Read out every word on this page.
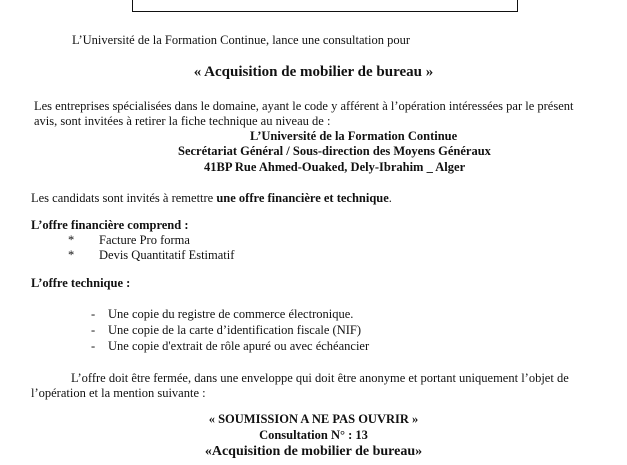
L’Université de la Formation Continue, lance une consultation pour
« Acquisition de mobilier de bureau »
Les entreprises spécialisées dans le domaine, ayant le code y afférent à l’opération intéressées par le présent
avis, sont invitées à retirer la fiche technique au niveau de :
L’Université de la Formation Continue
Secrétariat Général / Sous-direction des Moyens Généraux
41BP Rue Ahmed-Ouaked, Dely-Ibrahim _ Alger
Les candidats sont invités à remettre une offre financière et technique.
L’offre financière comprend :
* Facture Pro forma
* Devis Quantitatif Estimatif
L’offre technique :
- Une copie du registre de commerce électronique.
- Une copie de la carte d’identification fiscale (NIF)
- Une copie d'extrait de rôle apuré ou avec échéancier
L’offre doit être fermée, dans une enveloppe qui doit être anonyme et portant uniquement l’objet de
l’opération et la mention suivante :
« SOUMISSION A NE PAS OUVRIR »
Consultation N° : 13
«Acquisition de mobilier de bureau»
